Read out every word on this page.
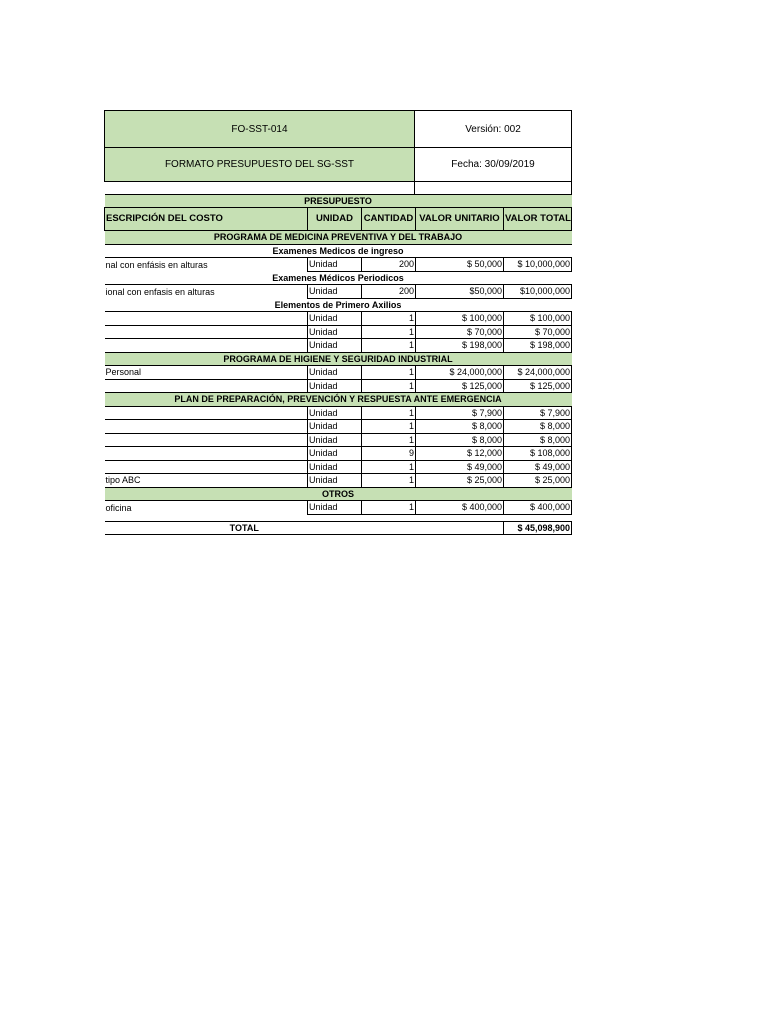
FO-SST-014	Versión: 002
FORMATO PRESUPUESTO DEL SG-SST	Fecha: 30/09/2019

PRESUPUESTO				
ESCRIPCIÓN DEL COSTO	UNIDAD	CANTIDAD	VALOR UNITARIO	VALOR TOTAL
PROGRAMA DE MEDICINA PREVENTIVA Y DEL TRABAJO				
Examenes Medicos de ingreso				
nal con enfásis en alturas	Unidad	200	$ 50,000	$ 10,000,000
Examenes Médicos Periodicos				
ional con enfasis en alturas	Unidad	200	$50,000	$10,000,000
Elementos de Primero Axilios				
	Unidad	1	$ 100,000	$ 100,000
	Unidad	1	$ 70,000	$ 70,000
	Unidad	1	$ 198,000	$ 198,000
PROGRAMA DE HIGIENE Y SEGURIDAD INDUSTRIAL				
Personal	Unidad	1	$ 24,000,000	$ 24,000,000
	Unidad	1	$ 125,000	$ 125,000
PLAN DE PREPARACIÓN, PREVENCIÓN Y RESPUESTA ANTE EMERGENCIA				
	Unidad	1	$ 7,900	$ 7,900
	Unidad	1	$ 8,000	$ 8,000
	Unidad	1	$ 8,000	$ 8,000
	Unidad	9	$ 12,000	$ 108,000
	Unidad	1	$ 49,000	$ 49,000
tipo ABC	Unidad	1	$ 25,000	$ 25,000
OTROS				
oficina	Unidad	1	$ 400,000	$ 400,000

TOTAL				$ 45,098,900
